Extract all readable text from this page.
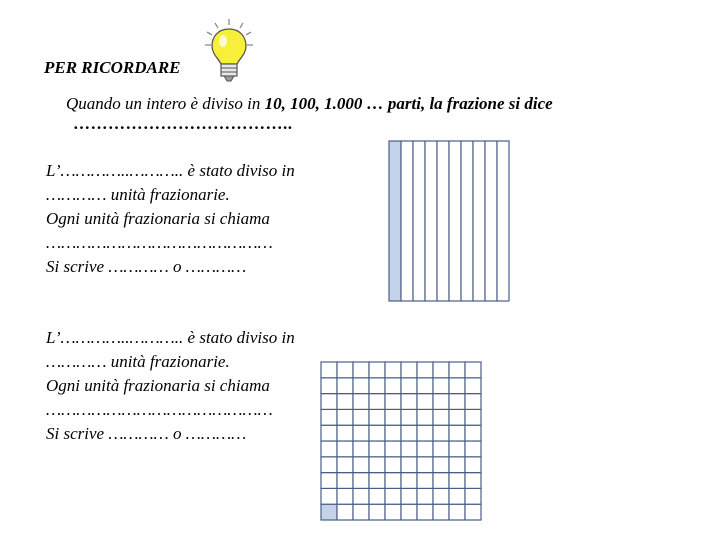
PER RICORDARE
Quando un intero è diviso in 10, 100, 1.000 … parti, la frazione si dice
………………………………..
L’…………..……….. è stato diviso in
………… unità frazionarie.
Ogni unità frazionaria si chiama
………………………………………
Si scrive ………… o …………
L’…………..……….. è stato diviso in
………… unità frazionarie.
Ogni unità frazionaria si chiama
………………………………………
Si scrive ………… o …………
